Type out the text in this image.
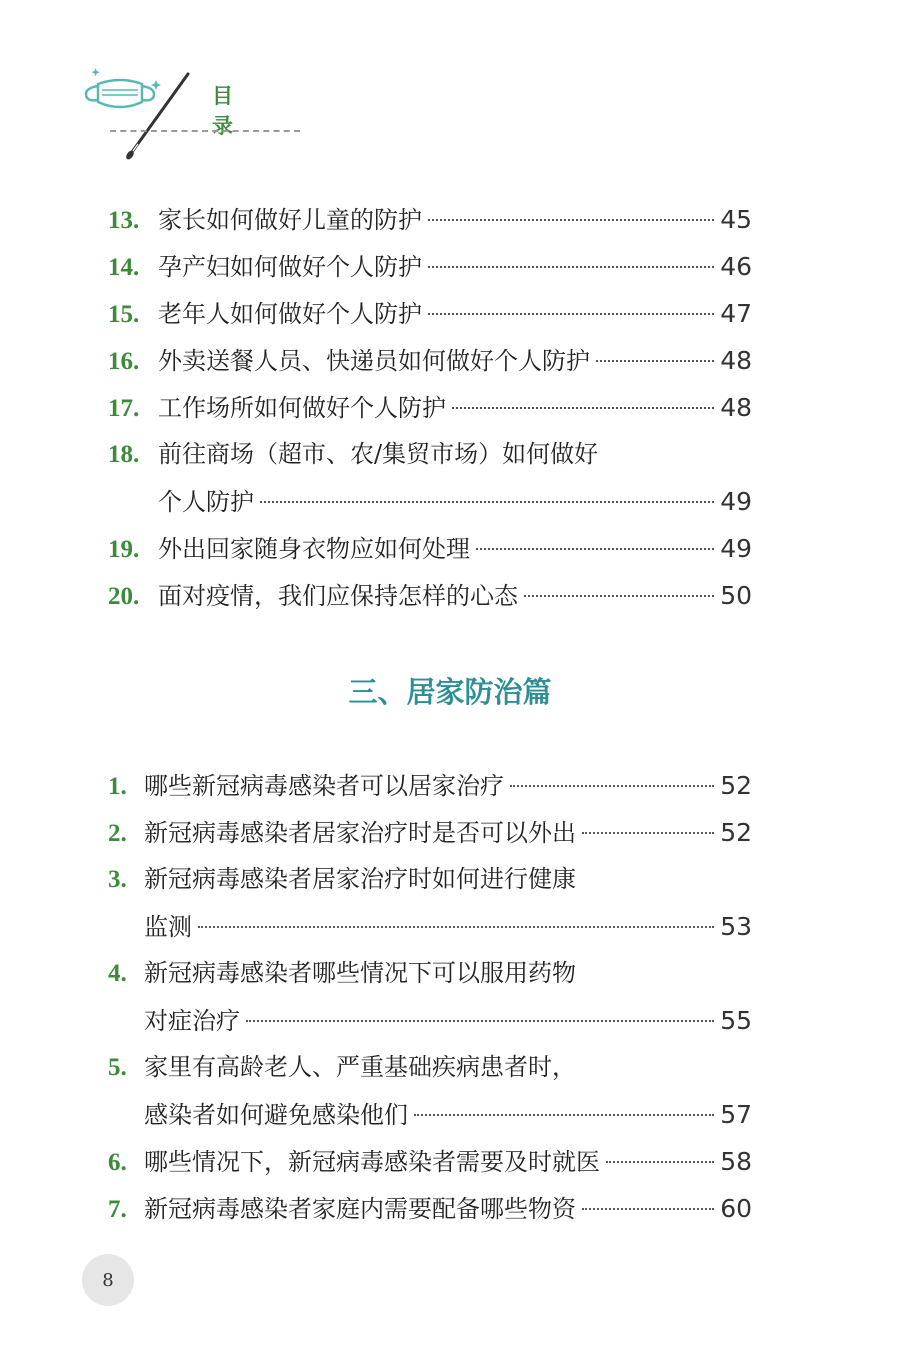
目 录
13. 家长如何做好儿童的防护	45
14. 孕产妇如何做好个人防护	46
15. 老年人如何做好个人防护	47
16. 外卖送餐人员、快递员如何做好个人防护	48
17. 工作场所如何做好个人防护	48
18. 前往商场（超市、农/集贸市场）如何做好
个人防护	49
19. 外出回家随身衣物应如何处理	49
20. 面对疫情，我们应保持怎样的心态	50
三、居家防治篇
1. 哪些新冠病毒感染者可以居家治疗	52
2. 新冠病毒感染者居家治疗时是否可以外出	52
3. 新冠病毒感染者居家治疗时如何进行健康
监测	53
4. 新冠病毒感染者哪些情况下可以服用药物
对症治疗	55
5. 家里有高龄老人、严重基础疾病患者时，
感染者如何避免感染他们	57
6. 哪些情况下，新冠病毒感染者需要及时就医	58
7. 新冠病毒感染者家庭内需要配备哪些物资	60
8
